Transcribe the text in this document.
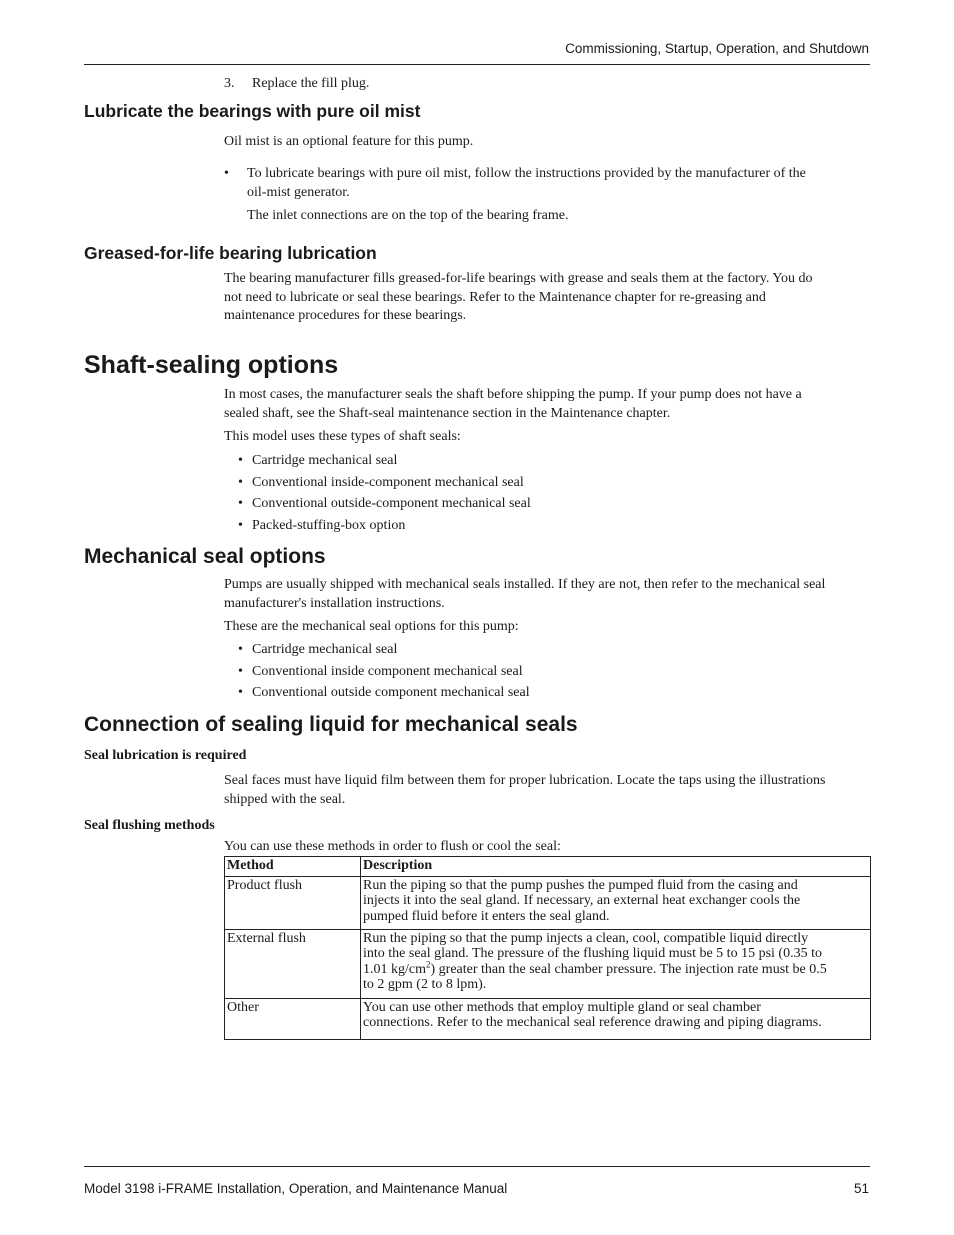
Commissioning, Startup, Operation, and Shutdown
3. Replace the fill plug.
Lubricate the bearings with pure oil mist
Oil mist is an optional feature for this pump.
• To lubricate bearings with pure oil mist, follow the instructions provided by the manufacturer of the
oil-mist generator.
The inlet connections are on the top of the bearing frame.
Greased-for-life bearing lubrication
The bearing manufacturer fills greased-for-life bearings with grease and seals them at the factory. You do
not need to lubricate or seal these bearings. Refer to the Maintenance chapter for re-greasing and
maintenance procedures for these bearings.
Shaft-sealing options
In most cases, the manufacturer seals the shaft before shipping the pump. If your pump does not have a
sealed shaft, see the Shaft-seal maintenance section in the Maintenance chapter.
This model uses these types of shaft seals:
• Cartridge mechanical seal
• Conventional inside-component mechanical seal
• Conventional outside-component mechanical seal
• Packed-stuffing-box option
Mechanical seal options
Pumps are usually shipped with mechanical seals installed. If they are not, then refer to the mechanical seal
manufacturer's installation instructions.
These are the mechanical seal options for this pump:
• Cartridge mechanical seal
• Conventional inside component mechanical seal
• Conventional outside component mechanical seal
Connection of sealing liquid for mechanical seals
Seal lubrication is required
Seal faces must have liquid film between them for proper lubrication. Locate the taps using the illustrations
shipped with the seal.
Seal flushing methods
You can use these methods in order to flush or cool the seal:
Method	Description
Product flush	Run the piping so that the pump pushes the pumped fluid from the casing and
injects it into the seal gland. If necessary, an external heat exchanger cools the
pumped fluid before it enters the seal gland.

External flush	Run the piping so that the pump injects a clean, cool, compatible liquid directly
into the seal gland. The pressure of the flushing liquid must be 5 to 15 psi (0.35 to
1.01 $kg/cm^2$) greater than the seal chamber pressure. The injection rate must be 0.5
to 2 gpm (2 to 8 lpm).

Other	You can use other methods that employ multiple gland or seal chamber
connections. Refer to the mechanical seal reference drawing and piping diagrams.
Model 3198 i-FRAME Installation, Operation, and Maintenance Manual	51
